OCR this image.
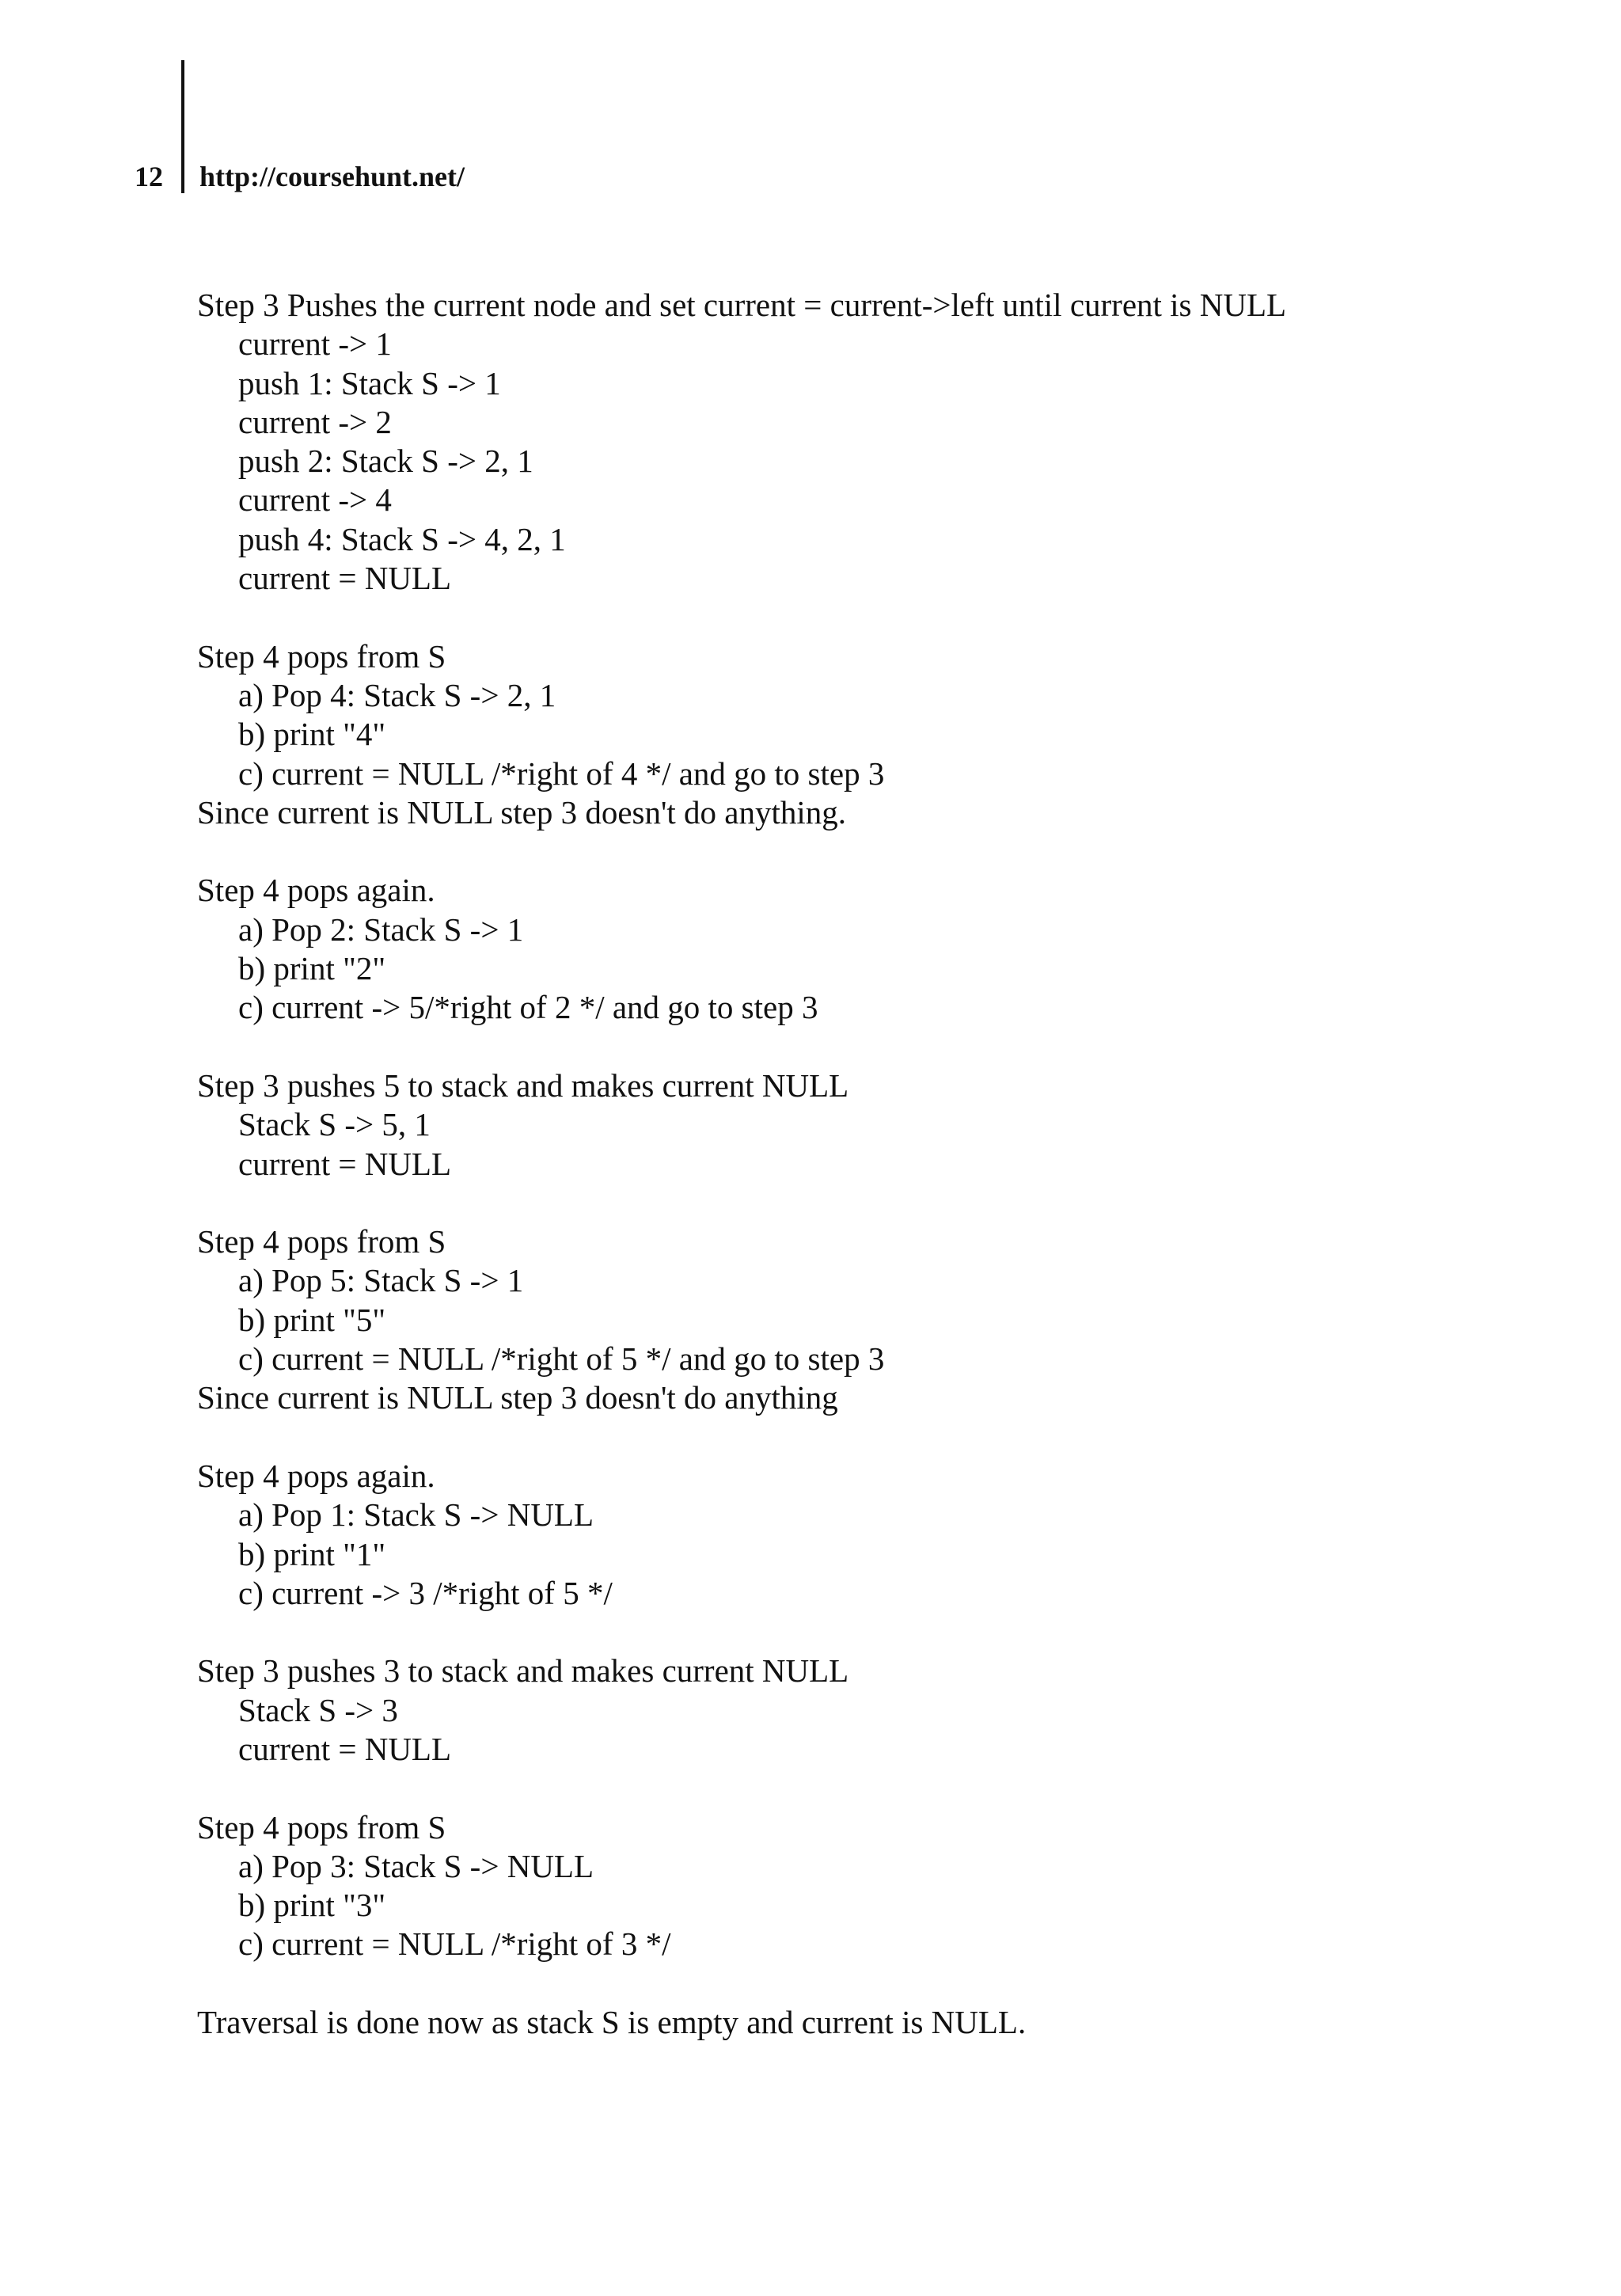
12 http://coursehunt.net/
Step 3 Pushes the current node and set current = current->left until current is NULL
current -> 1
push 1: Stack S -> 1
current -> 2
push 2: Stack S -> 2, 1
current -> 4
push 4: Stack S -> 4, 2, 1
current = NULL
Step 4 pops from S
a) Pop 4: Stack S -> 2, 1
b) print "4"
c) current = NULL /*right of 4 */ and go to step 3
Since current is NULL step 3 doesn't do anything.
Step 4 pops again.
a) Pop 2: Stack S -> 1
b) print "2"
c) current -> 5/*right of 2 */ and go to step 3
Step 3 pushes 5 to stack and makes current NULL
Stack S -> 5, 1
current = NULL
Step 4 pops from S
a) Pop 5: Stack S -> 1
b) print "5"
c) current = NULL /*right of 5 */ and go to step 3
Since current is NULL step 3 doesn't do anything
Step 4 pops again.
a) Pop 1: Stack S -> NULL
b) print "1"
c) current -> 3 /*right of 5 */
Step 3 pushes 3 to stack and makes current NULL
Stack S -> 3
current = NULL
Step 4 pops from S
a) Pop 3: Stack S -> NULL
b) print "3"
c) current = NULL /*right of 3 */
Traversal is done now as stack S is empty and current is NULL.
